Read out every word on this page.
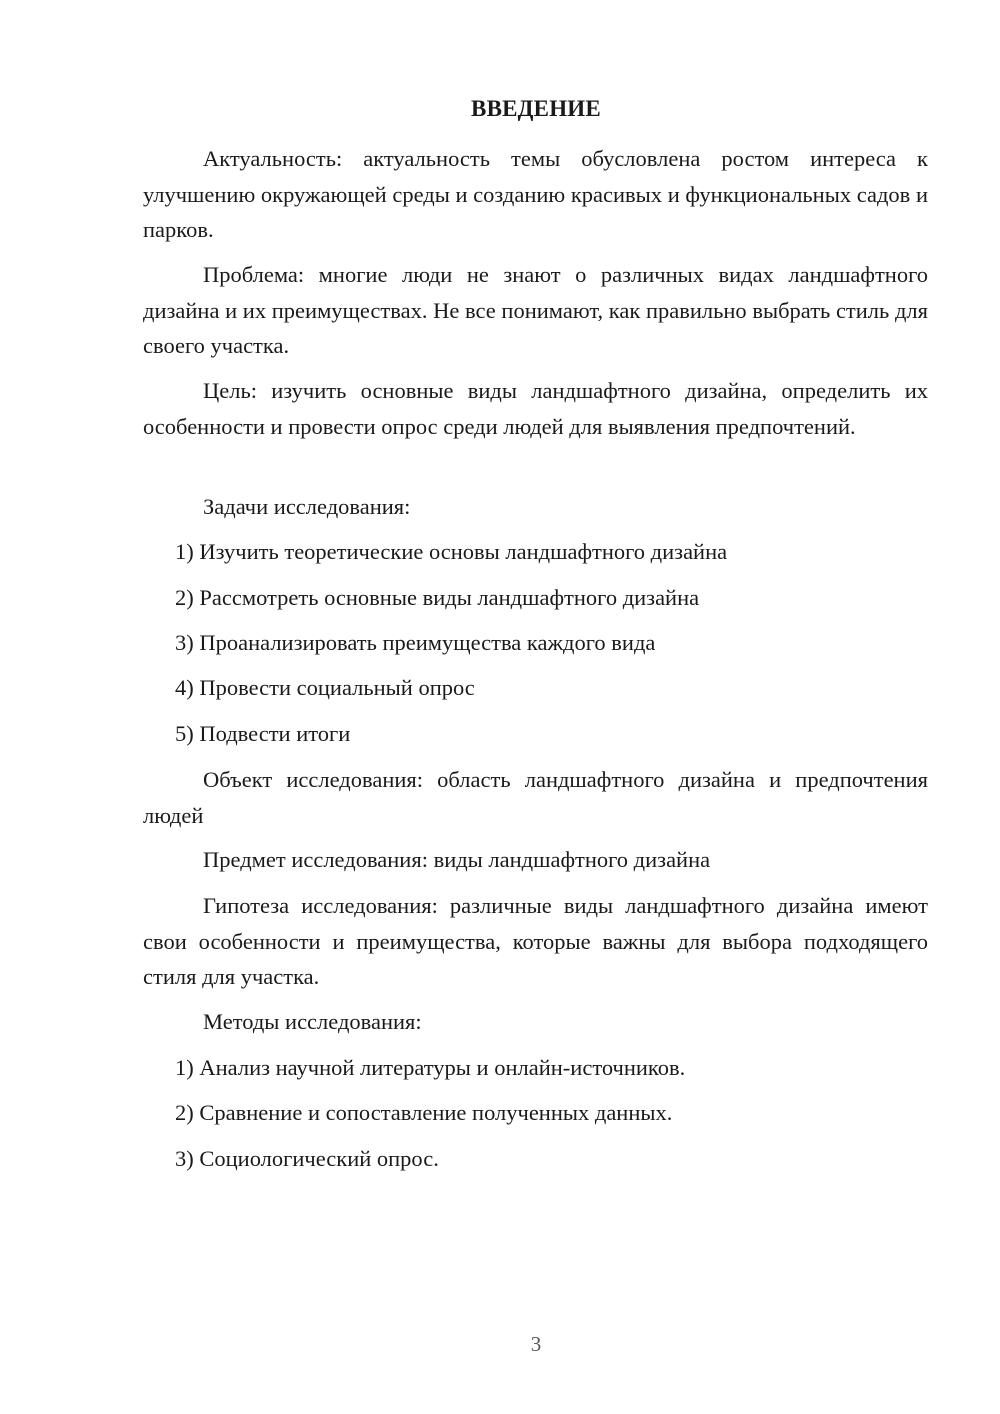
ВВЕДЕНИЕ

Актуальность: актуальность темы обусловлена ростом интереса к улучшению окружающей среды и созданию красивых и функциональных садов и парков.

Проблема: многие люди не знают о различных видах ландшафтного дизайна и их преимуществах. Не все понимают, как правильно выбрать стиль для своего участка.

Цель: изучить основные виды ландшафтного дизайна, определить их особенности и провести опрос среди людей для выявления предпочтений.

Задачи исследования:

1) Изучить теоретические основы ландшафтного дизайна

2) Рассмотреть основные виды ландшафтного дизайна

3) Проанализировать преимущества каждого вида

4) Провести социальный опрос

5) Подвести итоги

Объект исследования: область ландшафтного дизайна и предпочтения людей

Предмет исследования: виды ландшафтного дизайна

Гипотеза исследования: различные виды ландшафтного дизайна имеют свои особенности и преимущества, которые важны для выбора подходящего стиля для участка.

Методы исследования:

1) Анализ научной литературы и онлайн-источников.

2) Сравнение и сопоставление полученных данных.

3) Социологический опрос.

3
